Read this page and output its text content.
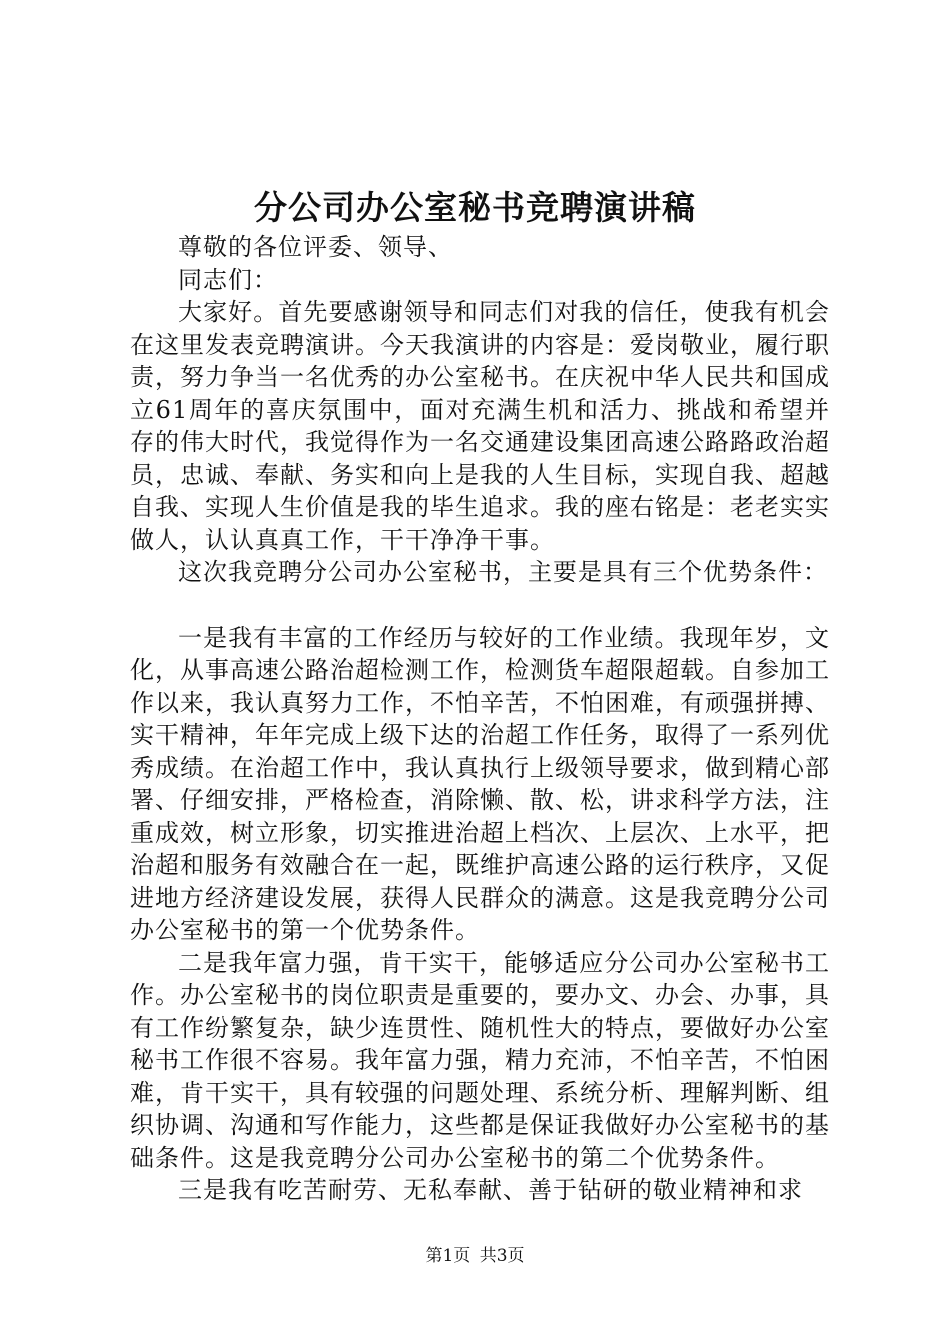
分公司办公室秘书竞聘演讲稿

尊敬的各位评委、领导、

同志们：

大家好。首先要感谢领导和同志们对我的信任，使我有机会在这里发表竞聘演讲。今天我演讲的内容是：爱岗敬业，履行职责，努力争当一名优秀的办公室秘书。在庆祝中华人民共和国成立61周年的喜庆氛围中，面对充满生机和活力、挑战和希望并存的伟大时代，我觉得作为一名交通建设集团高速公路路政治超员，忠诚、奉献、务实和向上是我的人生目标，实现自我、超越自我、实现人生价值是我的毕生追求。我的座右铭是：老老实实做人，认认真真工作，干干净净干事。

这次我竞聘分公司办公室秘书，主要是具有三个优势条件：

一是我有丰富的工作经历与较好的工作业绩。我现年岁，文化，从事高速公路治超检测工作，检测货车超限超载。自参加工作以来，我认真努力工作，不怕辛苦，不怕困难，有顽强拼搏、实干精神，年年完成上级下达的治超工作任务，取得了一系列优秀成绩。在治超工作中，我认真执行上级领导要求，做到精心部署、仔细安排，严格检查，消除懒、散、松，讲求科学方法，注重成效，树立形象，切实推进治超上档次、上层次、上水平，把治超和服务有效融合在一起，既维护高速公路的运行秩序，又促进地方经济建设发展，获得人民群众的满意。这是我竞聘分公司办公室秘书的第一个优势条件。

二是我年富力强，肯干实干，能够适应分公司办公室秘书工作。办公室秘书的岗位职责是重要的，要办文、办会、办事，具有工作纷繁复杂，缺少连贯性、随机性大的特点，要做好办公室秘书工作很不容易。我年富力强，精力充沛，不怕辛苦，不怕困难，肯干实干，具有较强的问题处理、系统分析、理解判断、组织协调、沟通和写作能力，这些都是保证我做好办公室秘书的基础条件。这是我竞聘分公司办公室秘书的第二个优势条件。

三是我有吃苦耐劳、无私奉献、善于钻研的敬业精神和求

第1页 共3页
